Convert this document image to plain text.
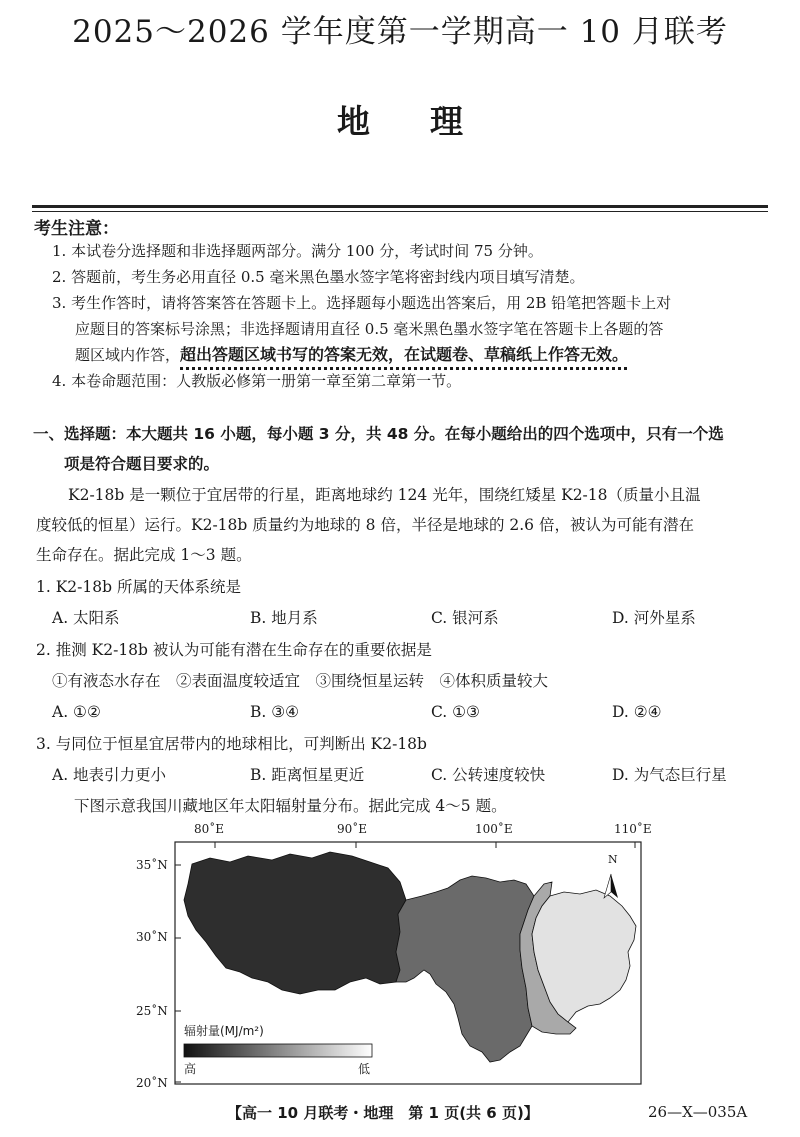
2025～2026 学年度第一学期高一 10 月联考
地 理
考生注意：
1. 本试卷分选择题和非选择题两部分。满分 100 分，考试时间 75 分钟。
2. 答题前，考生务必用直径 0.5 毫米黑色墨水签字笔将密封线内项目填写清楚。
3. 考生作答时，请将答案答在答题卡上。选择题每小题选出答案后，用 2B 铅笔把答题卡上对
应题目的答案标号涂黑；非选择题请用直径 0.5 毫米黑色墨水签字笔在答题卡上各题的答
题区域内作答，超出答题区域书写的答案无效，在试题卷、草稿纸上作答无效。
4. 本卷命题范围：人教版必修第一册第一章至第二章第一节。
一、选择题：本大题共 16 小题，每小题 3 分，共 48 分。在每小题给出的四个选项中，只有一个选
项是符合题目要求的。
K2-18b 是一颗位于宜居带的行星，距离地球约 124 光年，围绕红矮星 K2-18（质量小且温
度较低的恒星）运行。K2-18b 质量约为地球的 8 倍，半径是地球的 2.6 倍，被认为可能有潜在
生命存在。据此完成 1～3 题。
1. K2-18b 所属的天体系统是
A. 太阳系	B. 地月系	C. 银河系	D. 河外星系
2. 推测 K2-18b 被认为可能有潜在生命存在的重要依据是
①有液态水存在　②表面温度较适宜　③围绕恒星运转　④体积质量较大
A. ①②	B. ③④	C. ①③	D. ②④
3. 与同位于恒星宜居带内的地球相比，可判断出 K2-18b
A. 地表引力更小	B. 距离恒星更近	C. 公转速度较快	D. 为气态巨行星
下图示意我国川藏地区年太阳辐射量分布。据此完成 4～5 题。
80˚E	90˚E	100˚E	110˚E
35˚N
30˚N
25˚N
20˚N
N
辐射量(MJ/m²)
高	低
【高一 10 月联考・地理　第 1 页(共 6 页)】	26—X—035A
